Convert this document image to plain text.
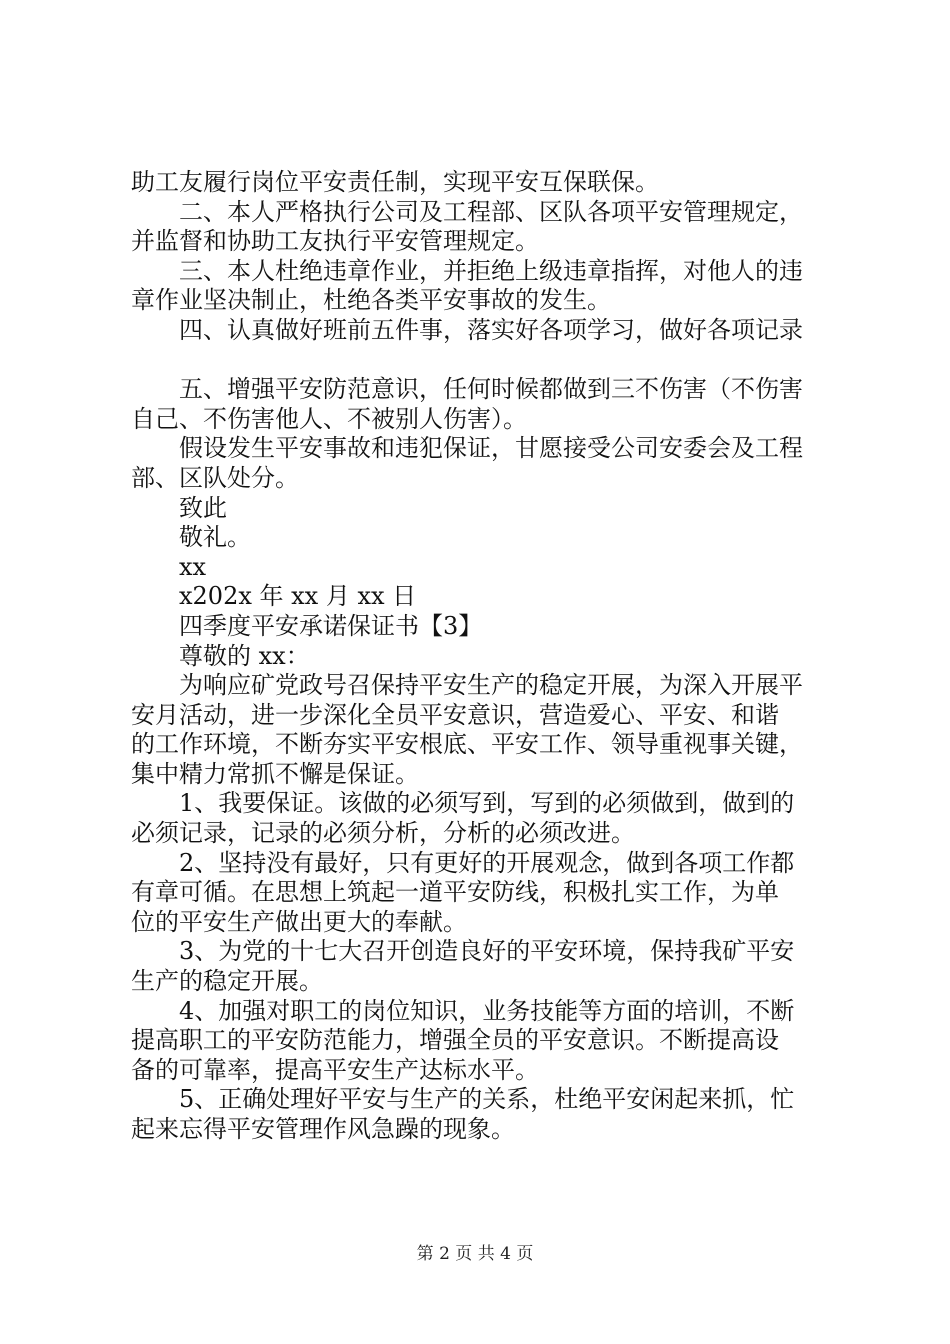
助工友履行岗位平安责任制，实现平安互保联保。
二、本人严格执行公司及工程部、区队各项平安管理规定，
并监督和协助工友执行平安管理规定。
三、本人杜绝违章作业，并拒绝上级违章指挥，对他人的违
章作业坚决制止，杜绝各类平安事故的发生。
四、认真做好班前五件事，落实好各项学习，做好各项记录
五、增强平安防范意识，任何时候都做到三不伤害（不伤害
自己、不伤害他人、不被别人伤害）。
假设发生平安事故和违犯保证，甘愿接受公司安委会及工程
部、区队处分。
致此
敬礼。
xx
x202x 年 xx 月 xx 日
四季度平安承诺保证书【3】
尊敬的 xx：
为响应矿党政号召保持平安生产的稳定开展，为深入开展平
安月活动，进一步深化全员平安意识，营造爱心、平安、和谐
的工作环境，不断夯实平安根底、平安工作、领导重视事关键，
集中精力常抓不懈是保证。
1、我要保证。该做的必须写到，写到的必须做到，做到的
必须记录，记录的必须分析，分析的必须改进。
2、坚持没有最好，只有更好的开展观念，做到各项工作都
有章可循。在思想上筑起一道平安防线，积极扎实工作，为单
位的平安生产做出更大的奉献。
3、为党的十七大召开创造良好的平安环境，保持我矿平安
生产的稳定开展。
4、加强对职工的岗位知识，业务技能等方面的培训，不断
提高职工的平安防范能力，增强全员的平安意识。不断提高设
备的可靠率，提高平安生产达标水平。
5、正确处理好平安与生产的关系，杜绝平安闲起来抓，忙
起来忘得平安管理作风急躁的现象。
第 2 页 共 4 页
